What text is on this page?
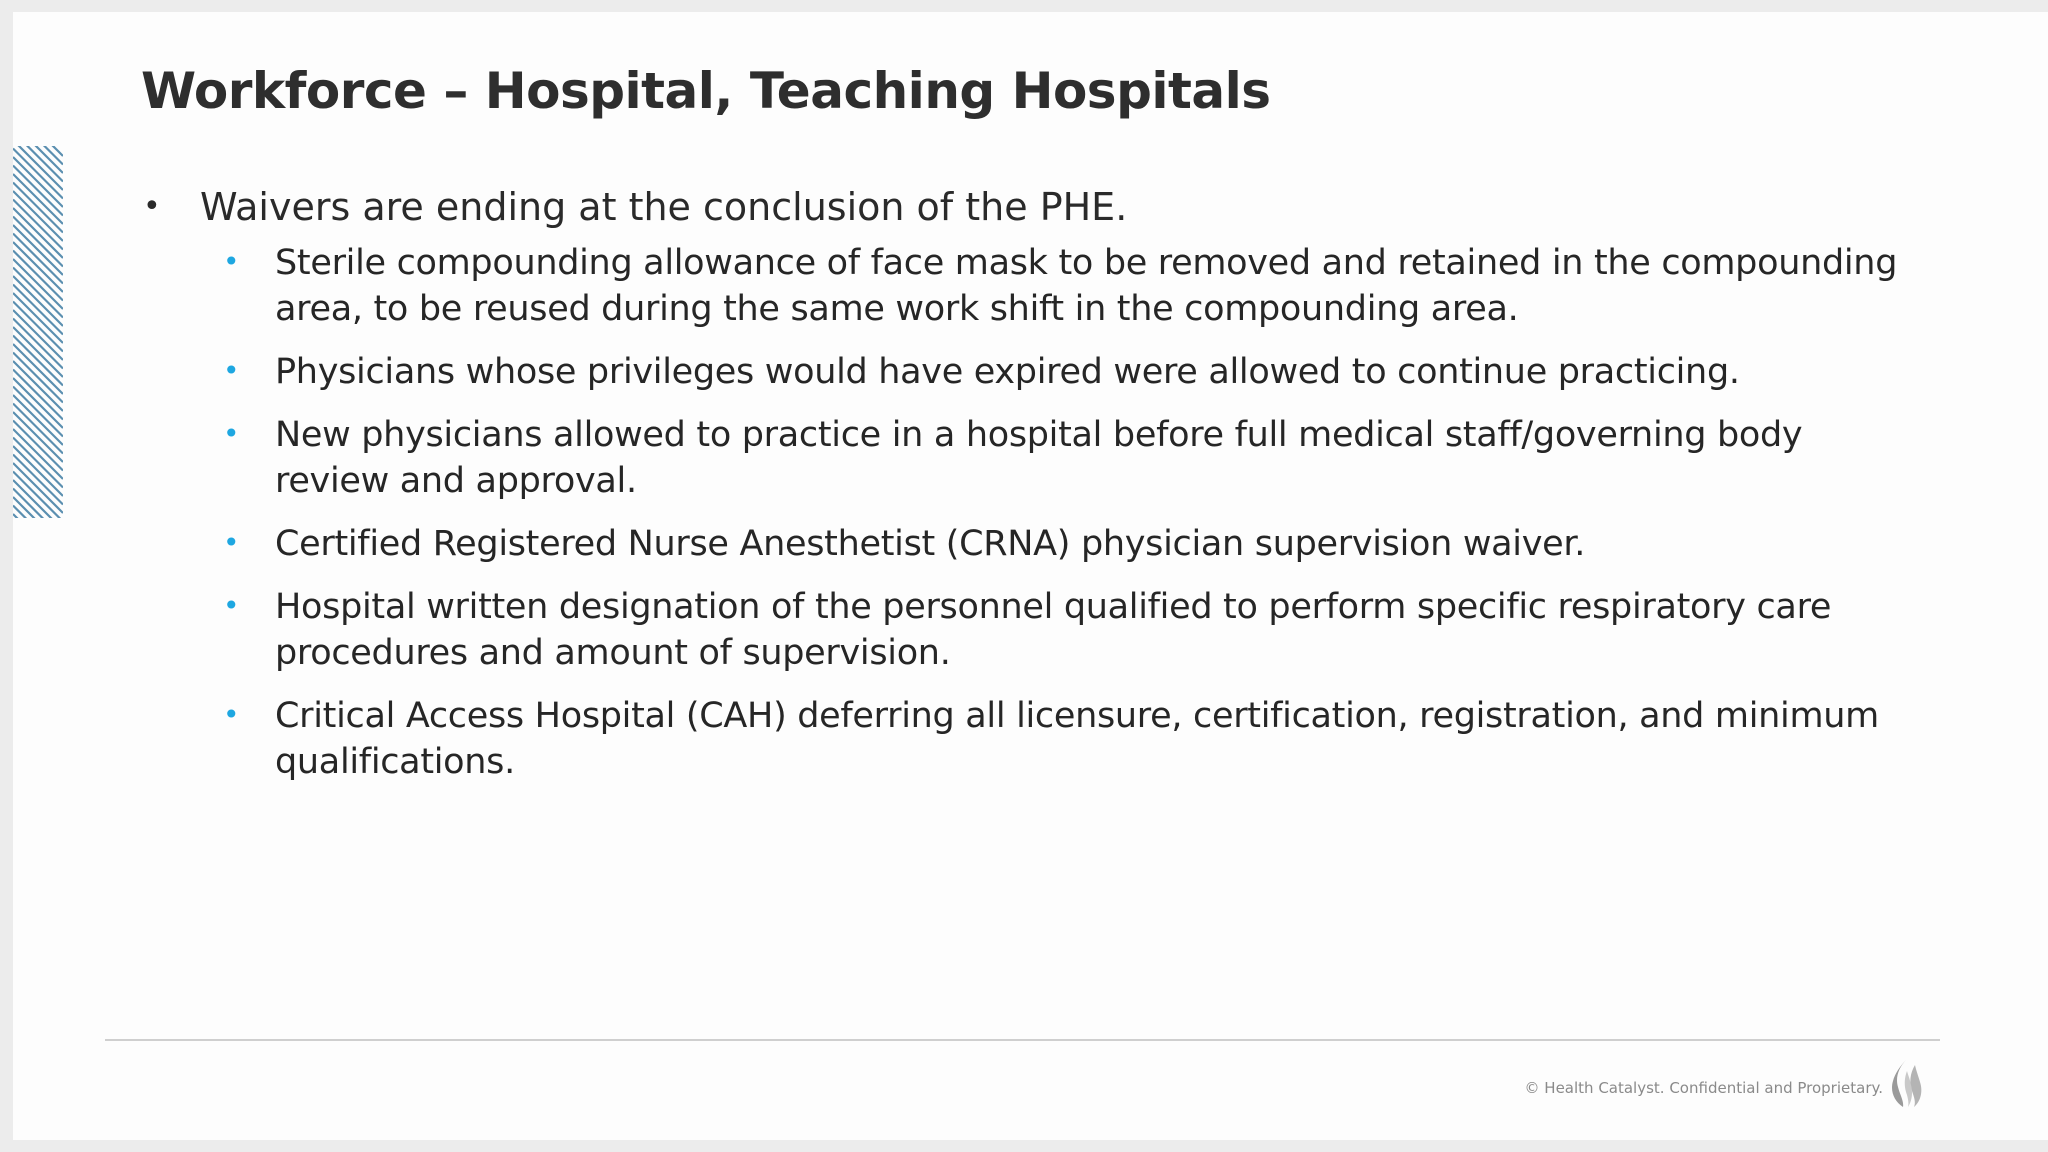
Workforce – Hospital, Teaching Hospitals
• Waivers are ending at the conclusion of the PHE.
• Sterile compounding allowance of face mask to be removed and retained in the compounding area, to be reused during the same work shift in the compounding area.
• Physicians whose privileges would have expired were allowed to continue practicing.
• New physicians allowed to practice in a hospital before full medical staff/governing body review and approval.
• Certified Registered Nurse Anesthetist (CRNA) physician supervision waiver.
• Hospital written designation of the personnel qualified to perform specific respiratory care procedures and amount of supervision.
• Critical Access Hospital (CAH) deferring all licensure, certification, registration, and minimum qualifications.
© Health Catalyst. Confidential and Proprietary.
